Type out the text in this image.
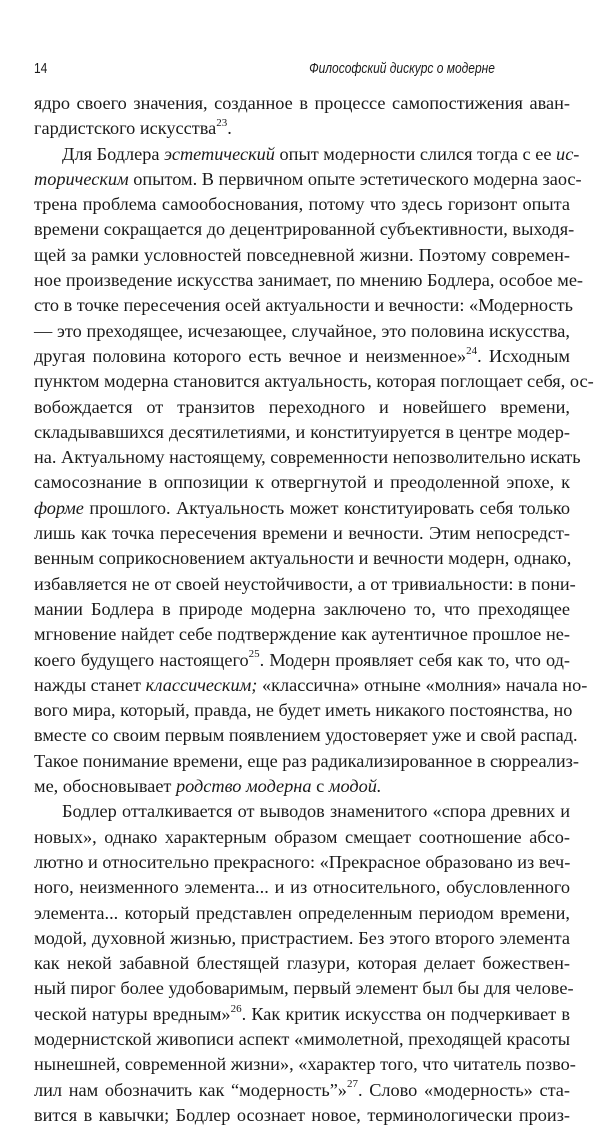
14	Философский дискурс о модерне
ядро своего значения, созданное в процессе самопостижения аван-
гардистского искусства$^{23}$.
Для Бодлера эстетический опыт модерности слился тогда с ее ис-
торическим опытом. В первичном опыте эстетического модерна заос-
трена проблема самообоснования, потому что здесь горизонт опыта
времени сокращается до децентрированной субъективности, выходя-
щей за рамки условностей повседневной жизни. Поэтому современ-
ное произведение искусства занимает, по мнению Бодлера, особое ме-
сто в точке пересечения осей актуальности и вечности: «Модерность
— это преходящее, исчезающее, случайное, это половина искусства,
другая половина которого есть вечное и неизменное»$^{24}$. Исходным
пунктом модерна становится актуальность, которая поглощает себя, ос-
вобождается от транзитов переходного и новейшего времени,
складывавшихся десятилетиями, и конституируется в центре модер-
на. Актуальному настоящему, современности непозволительно искать
самосознание в оппозиции к отвергнутой и преодоленной эпохе, к
форме прошлого. Актуальность может конституировать себя только
лишь как точка пересечения времени и вечности. Этим непосредст-
венным соприкосновением актуальности и вечности модерн, однако,
избавляется не от своей неустойчивости, а от тривиальности: в пони-
мании Бодлера в природе модерна заключено то, что преходящее
мгновение найдет себе подтверждение как аутентичное прошлое не-
коего будущего настоящего$^{25}$. Модерн проявляет себя как то, что од-
нажды станет классическим; «классична» отныне «молния» начала но-
вого мира, который, правда, не будет иметь никакого постоянства, но
вместе со своим первым появлением удостоверяет уже и свой распад.
Такое понимание времени, еще раз радикализированное в сюрреализ-
ме, обосновывает родство модерна с модой.
Бодлер отталкивается от выводов знаменитого «спора древних и
новых», однако характерным образом смещает соотношение абсо-
лютно и относительно прекрасного: «Прекрасное образовано из веч-
ного, неизменного элемента... и из относительного, обусловленного
элемента... который представлен определенным периодом времени,
модой, духовной жизнью, пристрастием. Без этого второго элемента
как некой забавной блестящей глазури, которая делает божествен-
ный пирог более удобоваримым, первый элемент был бы для челове-
ческой натуры вредным»$^{26}$. Как критик искусства он подчеркивает в
модернистской живописи аспект «мимолетной, преходящей красоты
нынешней, современной жизни», «характер того, что читатель позво-
лил нам обозначить как “модерность”»$^{27}$. Слово «модерность» ста-
вится в кавычки; Бодлер осознает новое, терминологически произ-
